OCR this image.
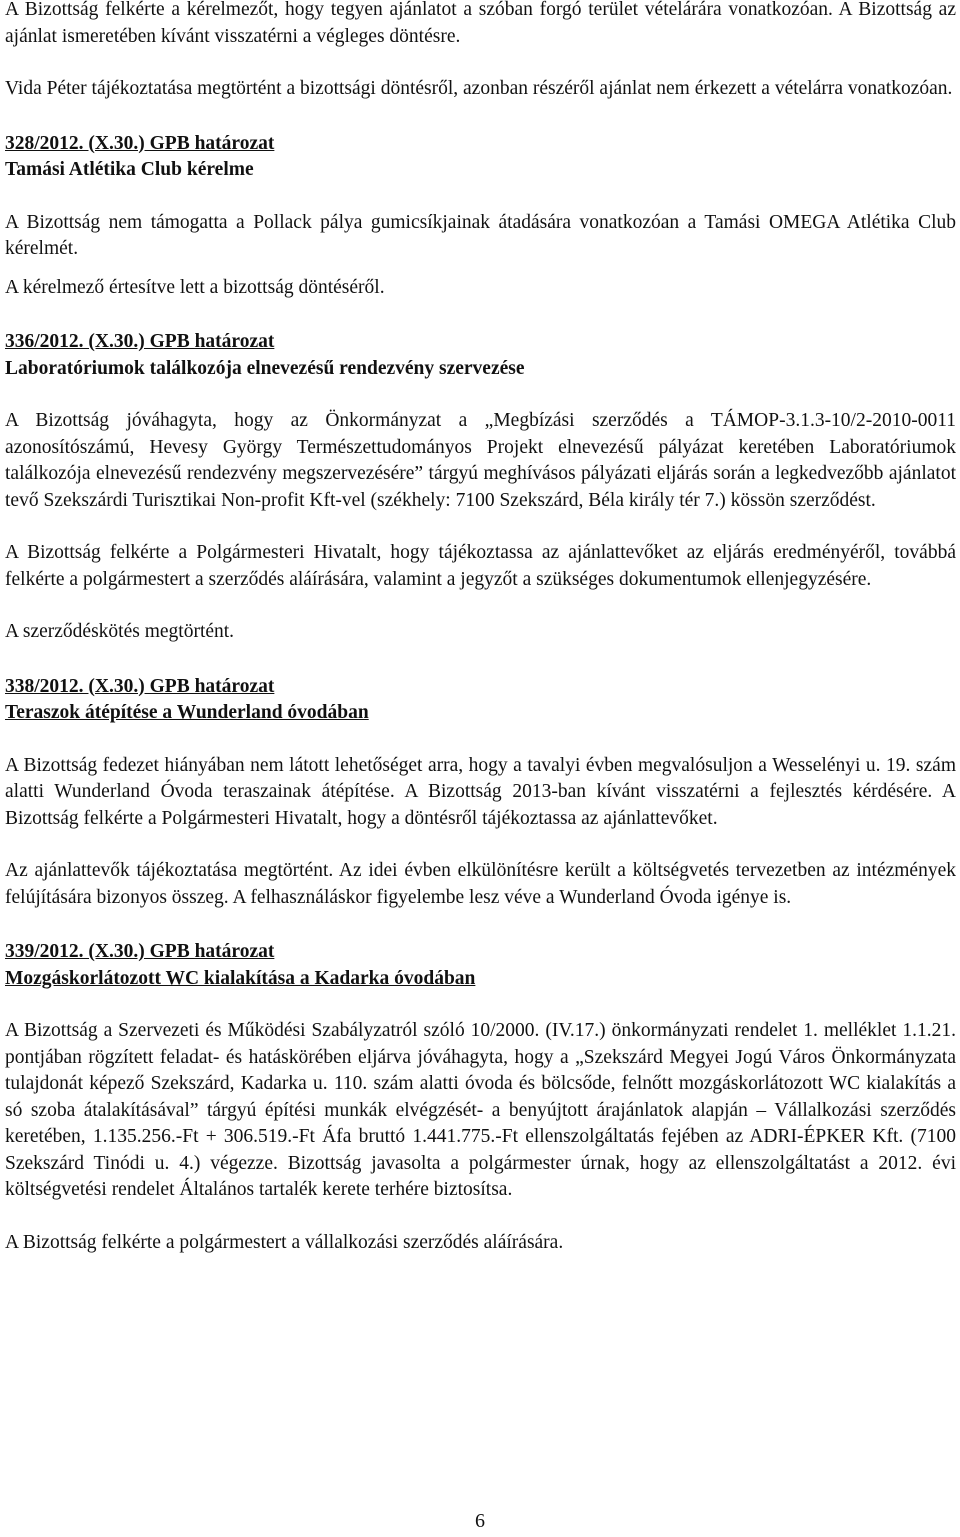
A Bizottság felkérte a kérelmezőt, hogy tegyen ajánlatot a szóban forgó terület vételárára vonatkozóan. A Bizottság az ajánlat ismeretében kívánt visszatérni a végleges döntésre.

Vida Péter tájékoztatása megtörtént a bizottsági döntésről, azonban részéről ajánlat nem érkezett a vételárra vonatkozóan.

328/2012. (X.30.) GPB határozat

Tamási Atlétika Club kérelme

A Bizottság nem támogatta a Pollack pálya gumicsíkjainak átadására vonatkozóan a Tamási OMEGA Atlétika Club kérelmét.

A kérelmező értesítve lett a bizottság döntéséről.

336/2012. (X.30.) GPB határozat

Laboratóriumok találkozója elnevezésű rendezvény szervezése

A Bizottság jóváhagyta, hogy az Önkormányzat a „Megbízási szerződés a TÁMOP-3.1.3-10/2-2010-0011 azonosítószámú, Hevesy György Természettudományos Projekt elnevezésű pályázat keretében Laboratóriumok találkozója elnevezésű rendezvény megszervezésére” tárgyú meghívásos pályázati eljárás során a legkedvezőbb ajánlatot tevő Szekszárdi Turisztikai Non-profit Kft-vel (székhely: 7100 Szekszárd, Béla király tér 7.) kössön szerződést.

A Bizottság felkérte a Polgármesteri Hivatalt, hogy tájékoztassa az ajánlattevőket az eljárás eredményéről, továbbá felkérte a polgármestert a szerződés aláírására, valamint a jegyzőt a szükséges dokumentumok ellenjegyzésére.

A szerződéskötés megtörtént.

338/2012. (X.30.) GPB határozat

Teraszok átépítése a Wunderland óvodában

A Bizottság fedezet hiányában nem látott lehetőséget arra, hogy a tavalyi évben megvalósuljon a Wesselényi u. 19. szám alatti Wunderland Óvoda teraszainak átépítése. A Bizottság 2013-ban kívánt visszatérni a fejlesztés kérdésére. A Bizottság felkérte a Polgármesteri Hivatalt, hogy a döntésről tájékoztassa az ajánlattevőket.

Az ajánlattevők tájékoztatása megtörtént. Az idei évben elkülönítésre került a költségvetés tervezetben az intézmények felújítására bizonyos összeg. A felhasználáskor figyelembe lesz véve a Wunderland Óvoda igénye is.

339/2012. (X.30.) GPB határozat

Mozgáskorlátozott WC kialakítása a Kadarka óvodában

A Bizottság a Szervezeti és Működési Szabályzatról szóló 10/2000. (IV.17.) önkormányzati rendelet 1. melléklet 1.1.21. pontjában rögzített feladat- és hatáskörében eljárva jóváhagyta, hogy a „Szekszárd Megyei Jogú Város Önkormányzata tulajdonát képező Szekszárd, Kadarka u. 110. szám alatti óvoda és bölcsőde, felnőtt mozgáskorlátozott WC kialakítás a só szoba átalakításával” tárgyú építési munkák elvégzését- a benyújtott árajánlatok alapján – Vállalkozási szerződés keretében, 1.135.256.-Ft + 306.519.-Ft Áfa bruttó 1.441.775.-Ft ellenszolgáltatás fejében az ADRI-ÉPKER Kft. (7100 Szekszárd Tinódi u. 4.) végezze. Bizottság javasolta a polgármester úrnak, hogy az ellenszolgáltatást a 2012. évi költségvetési rendelet Általános tartalék kerete terhére biztosítsa.

A Bizottság felkérte a polgármestert a vállalkozási szerződés aláírására.

6
